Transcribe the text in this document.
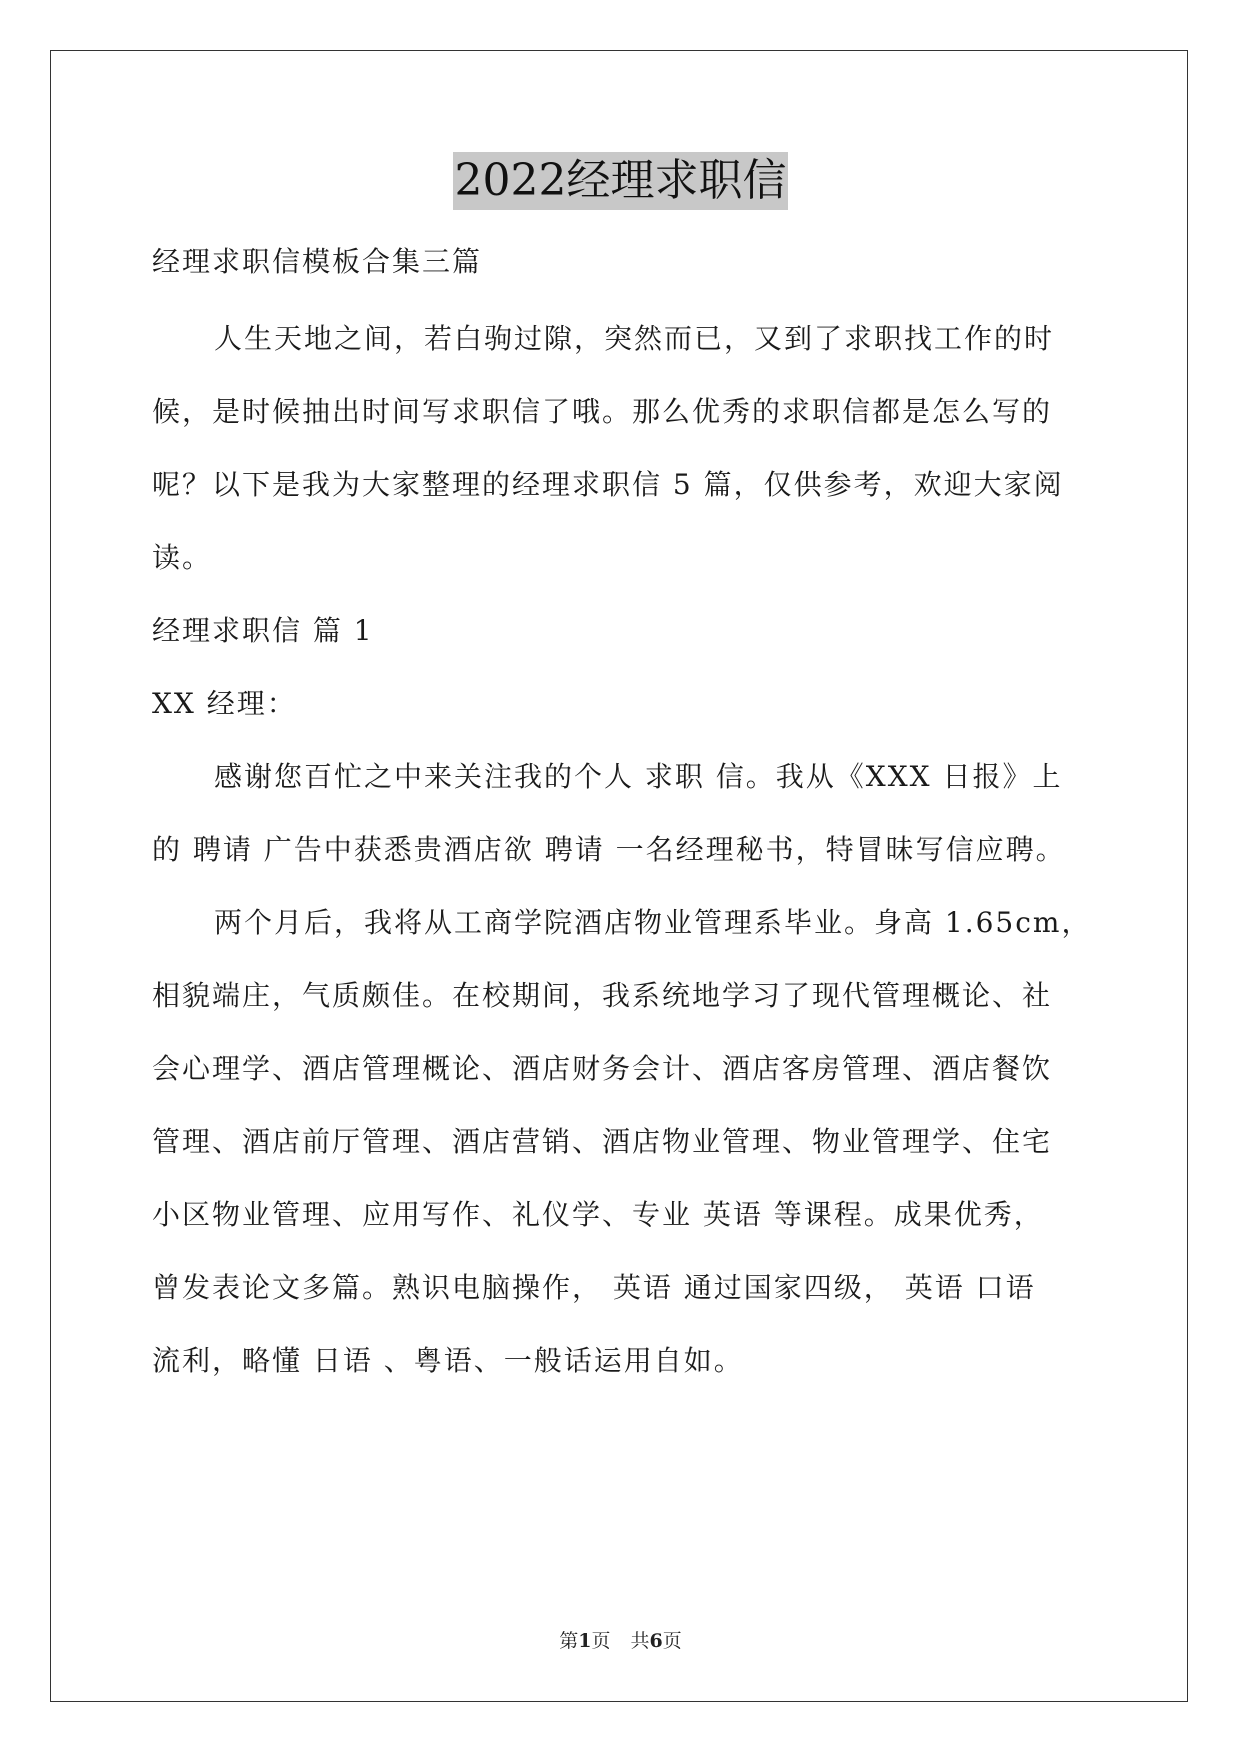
2022经理求职信
经理求职信模板合集三篇
人生天地之间，若白驹过隙，突然而已，又到了求职找工作的时
候，是时候抽出时间写求职信了哦。那么优秀的求职信都是怎么写的
呢？以下是我为大家整理的经理求职信 5 篇，仅供参考，欢迎大家阅
读。
经理求职信 篇 1
XX 经理：
感谢您百忙之中来关注我的个人 求职 信。我从《XXX 日报》上
的 聘请 广告中获悉贵酒店欲 聘请 一名经理秘书，特冒昧写信应聘。
两个月后，我将从工商学院酒店物业管理系毕业。身高 1.65cm，
相貌端庄，气质颇佳。在校期间，我系统地学习了现代管理概论、社
会心理学、酒店管理概论、酒店财务会计、酒店客房管理、酒店餐饮
管理、酒店前厅管理、酒店营销、酒店物业管理、物业管理学、住宅
小区物业管理、应用写作、礼仪学、专业 英语 等课程。成果优秀，
曾发表论文多篇。熟识电脑操作， 英语 通过国家四级， 英语 口语
流利，略懂 日语 、粤语、一般话运用自如。
第1页 共6页
